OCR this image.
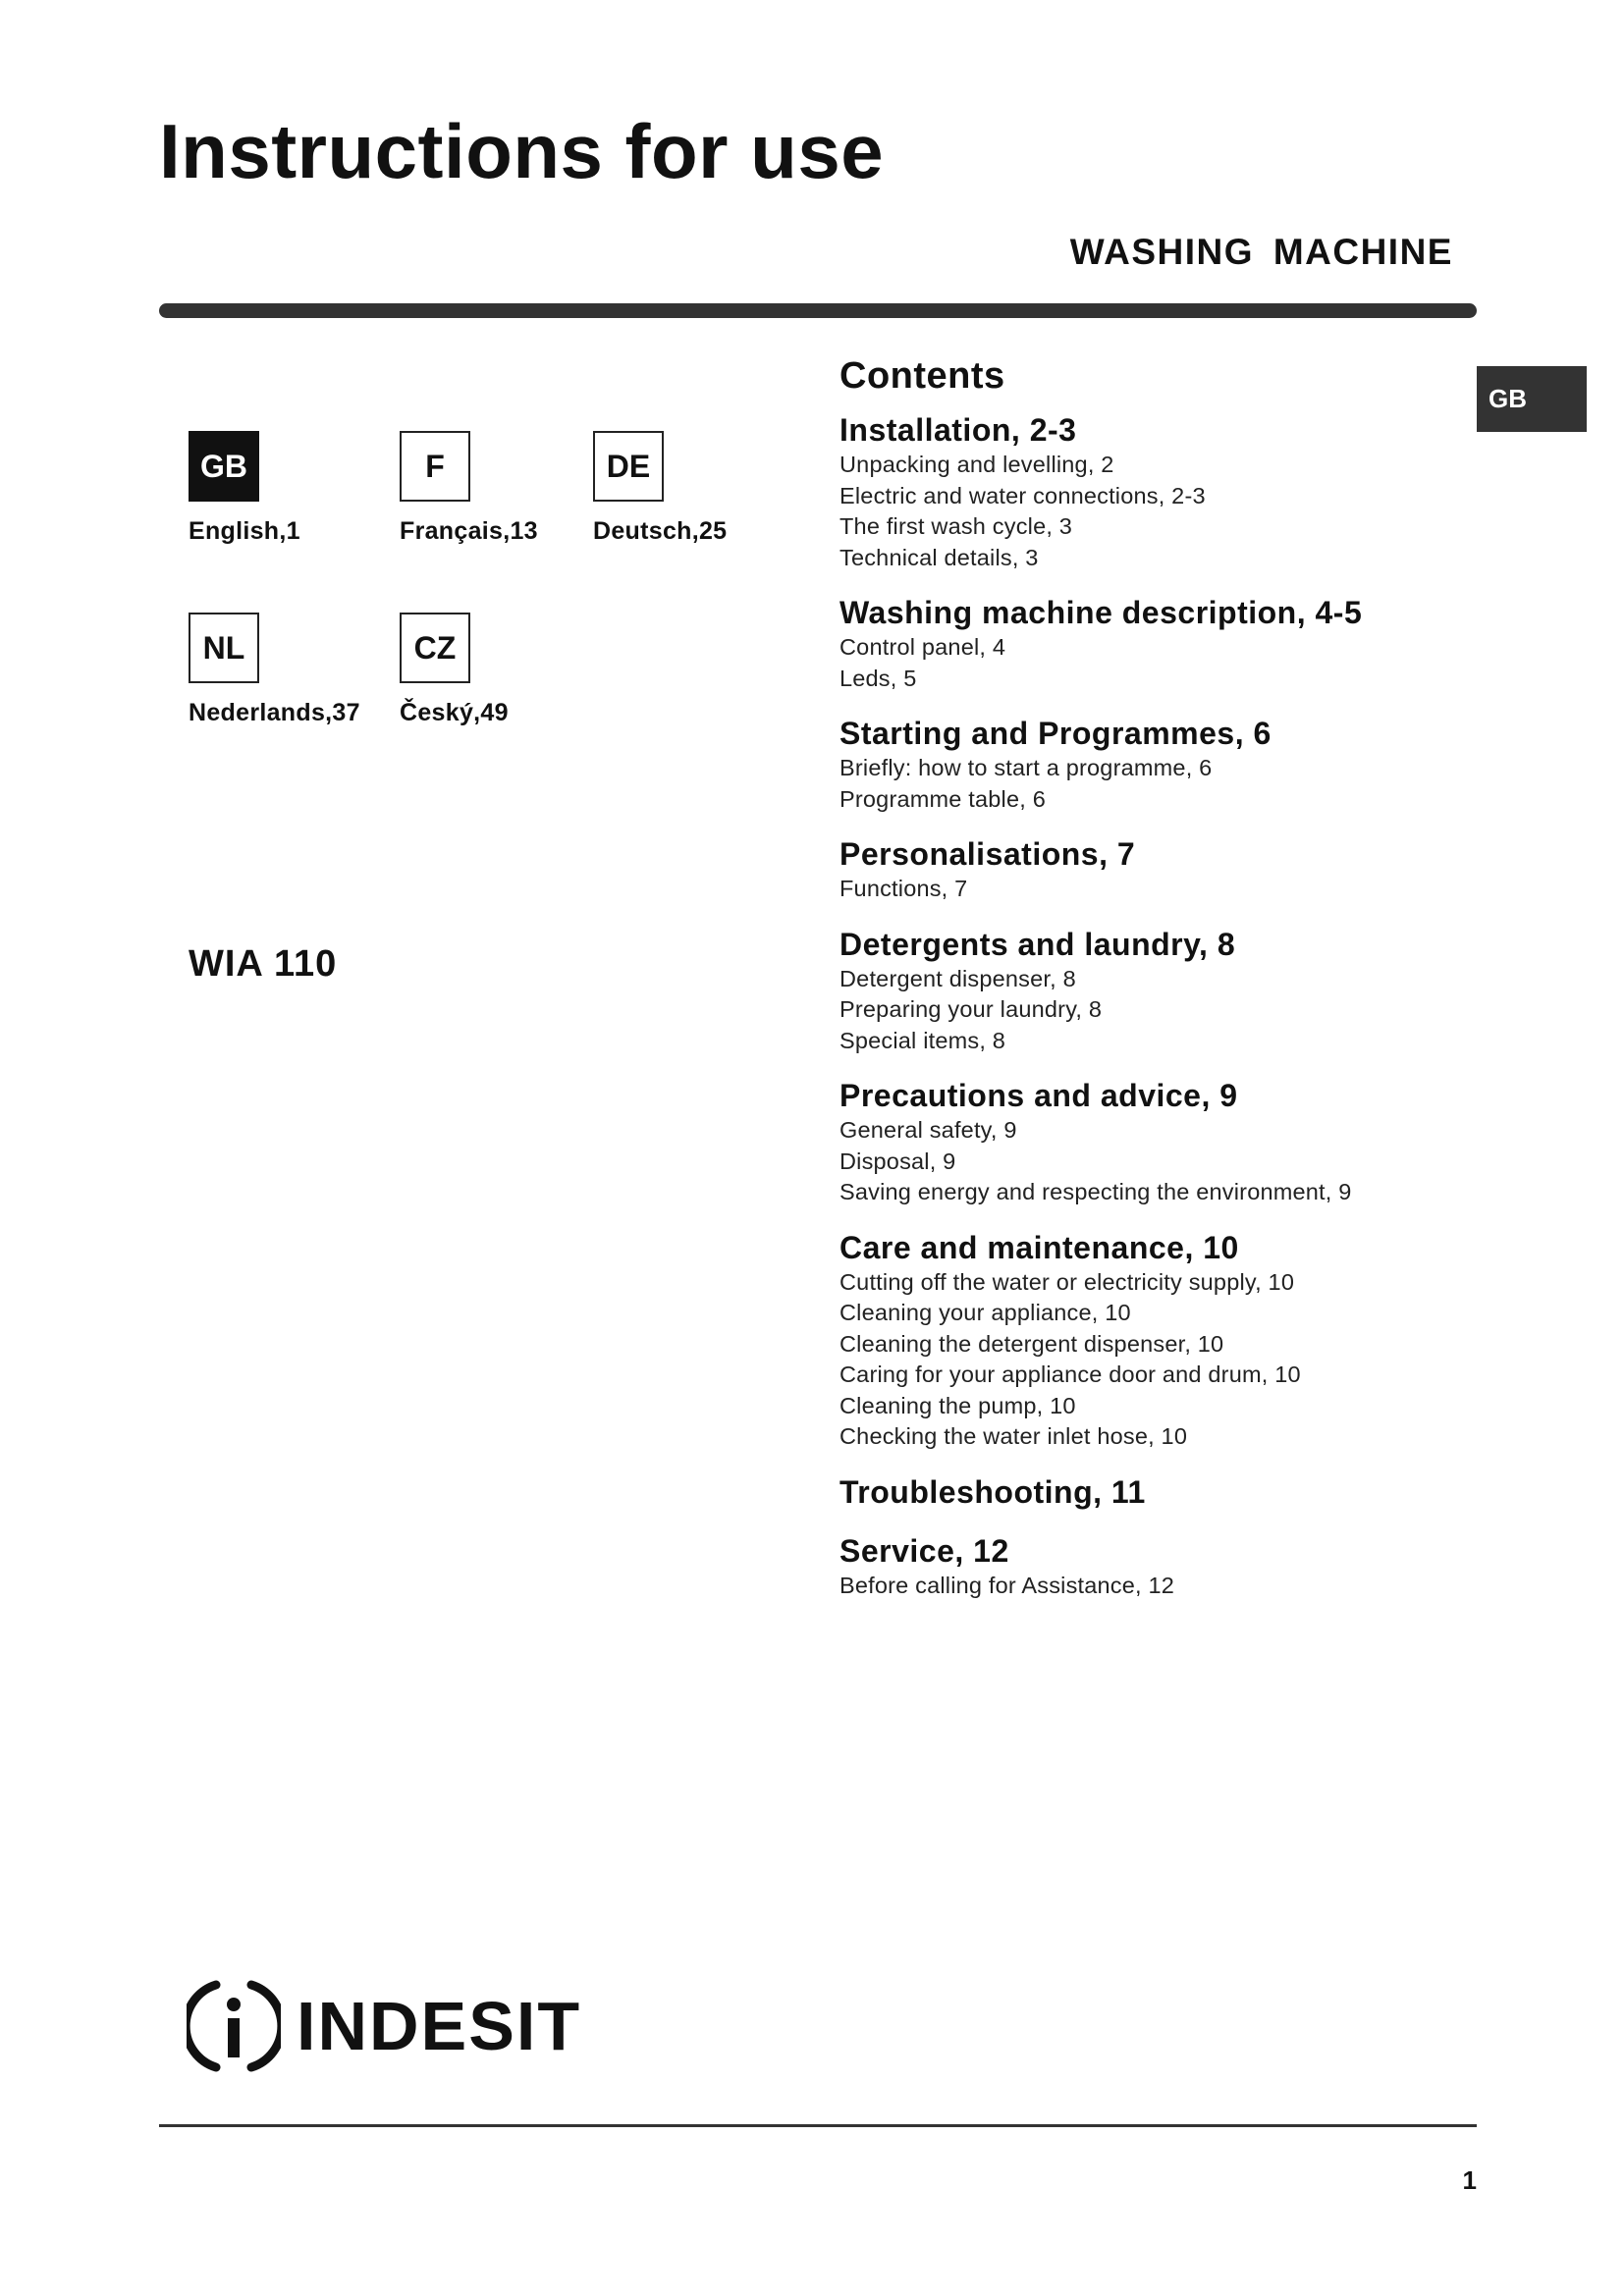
Instructions for use
WASHING MACHINE
GB
GB
English,1
F
Français,13
DE
Deutsch,25
NL
Nederlands,37
CZ
Český,49
WIA 110
Contents
Installation, 2-3
Unpacking and levelling, 2
Electric and water connections, 2-3
The first wash cycle, 3
Technical details, 3
Washing machine description, 4-5
Control panel, 4
Leds, 5
Starting and Programmes, 6
Briefly: how to start a programme, 6
Programme table, 6
Personalisations, 7
Functions, 7
Detergents and laundry, 8
Detergent dispenser, 8
Preparing your laundry, 8
Special items, 8
Precautions and advice, 9
General safety, 9
Disposal, 9
Saving energy and respecting the environment, 9
Care and maintenance, 10
Cutting off the water or electricity supply, 10
Cleaning your appliance, 10
Cleaning the detergent dispenser, 10
Caring for your appliance door and drum, 10
Cleaning the pump, 10
Checking the water inlet hose, 10
Troubleshooting, 11
Service, 12
Before calling for Assistance, 12
INDESIT
1
